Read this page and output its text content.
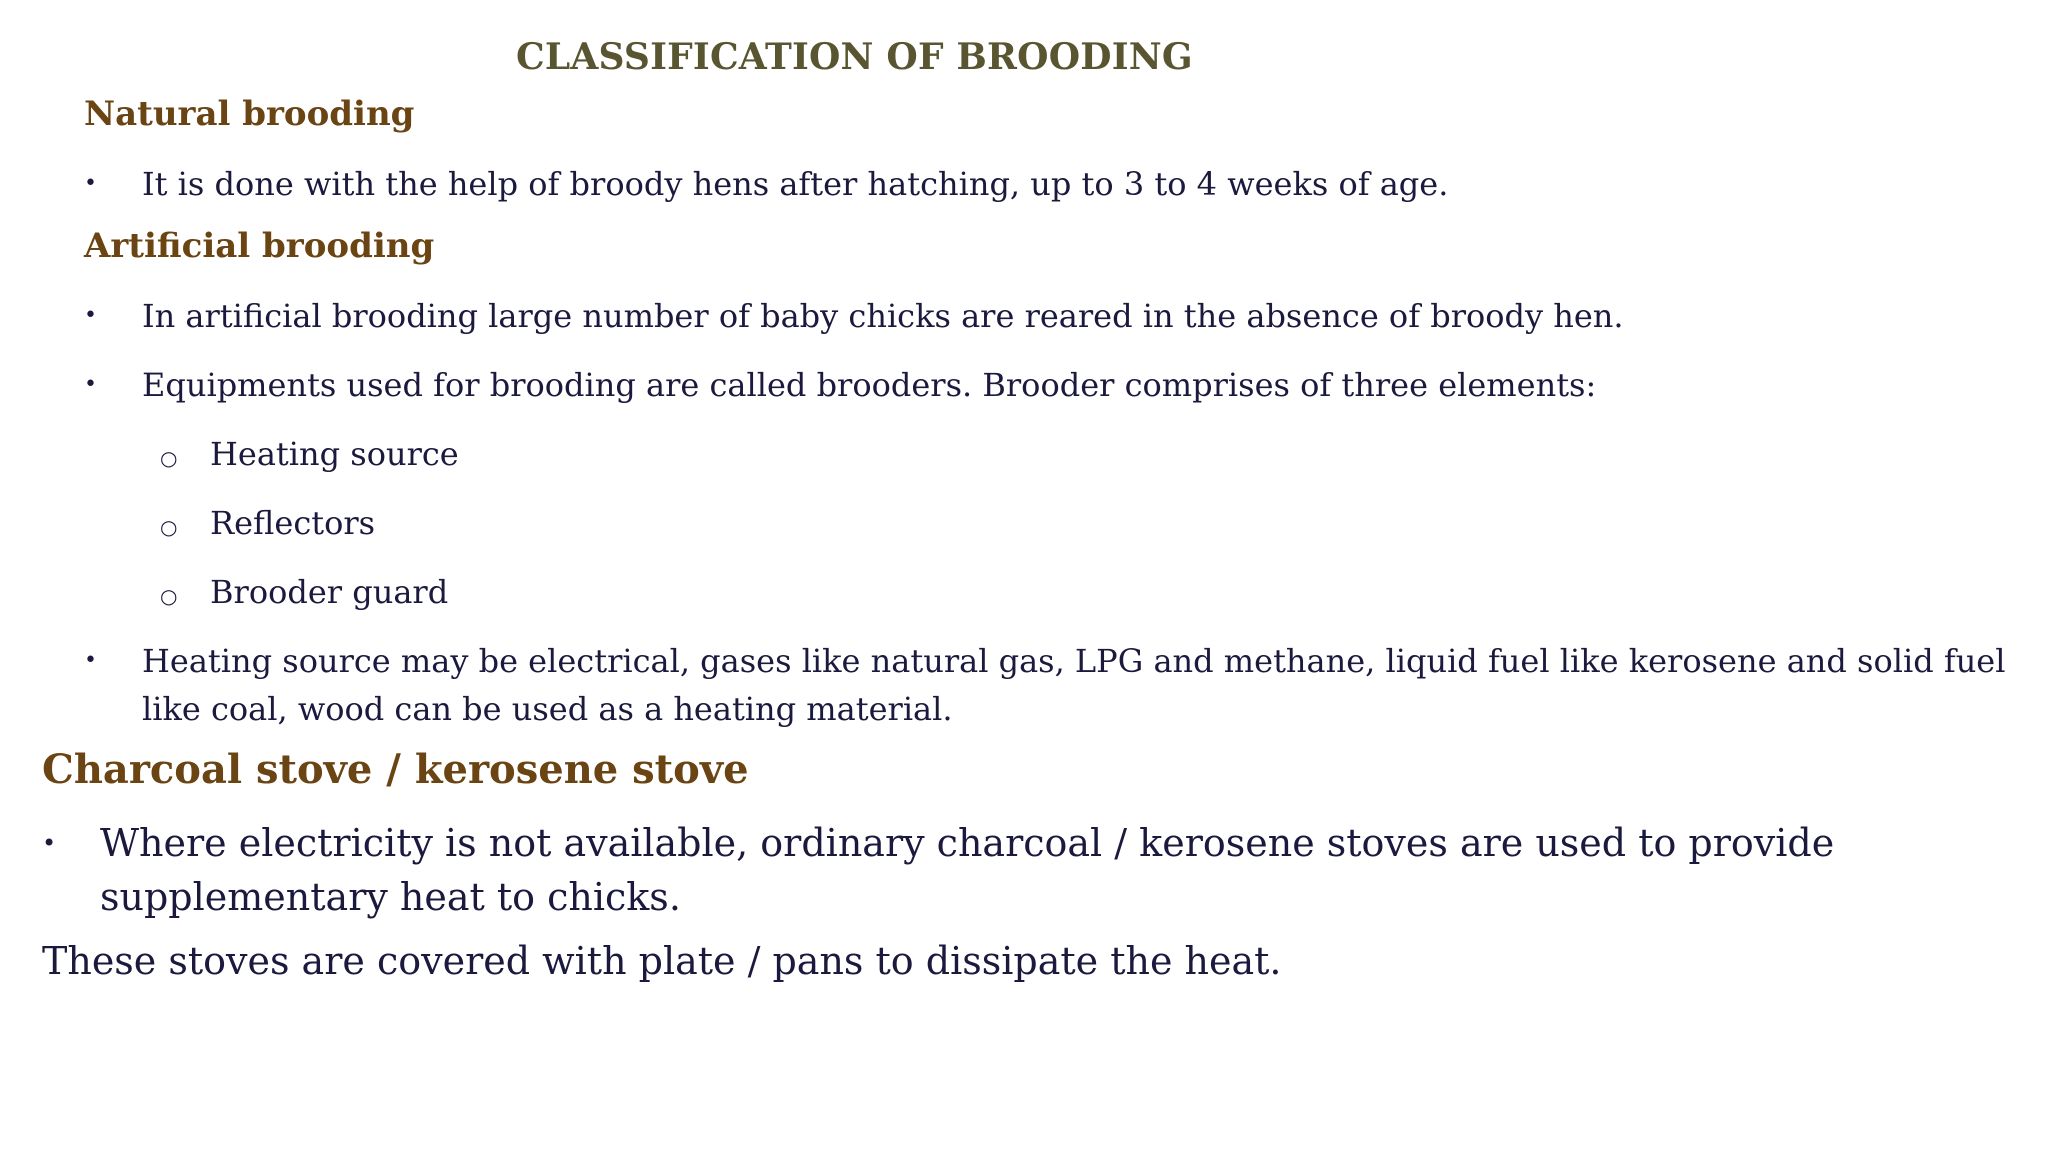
CLASSIFICATION OF BROODING
Natural brooding
• It is done with the help of broody hens after hatching, up to 3 to 4 weeks of age.
Artificial brooding
• In artificial brooding large number of baby chicks are reared in the absence of broody hen.
• Equipments used for brooding are called brooders. Brooder comprises of three elements:
○ Heating source
○ Reflectors
○ Brooder guard
• Heating source may be electrical, gases like natural gas, LPG and methane, liquid fuel like kerosene and solid fuel like coal, wood can be used as a heating material.
Charcoal stove / kerosene stove
• Where electricity is not available, ordinary charcoal / kerosene stoves are used to provide supplementary heat to chicks.
These stoves are covered with plate / pans to dissipate the heat.
